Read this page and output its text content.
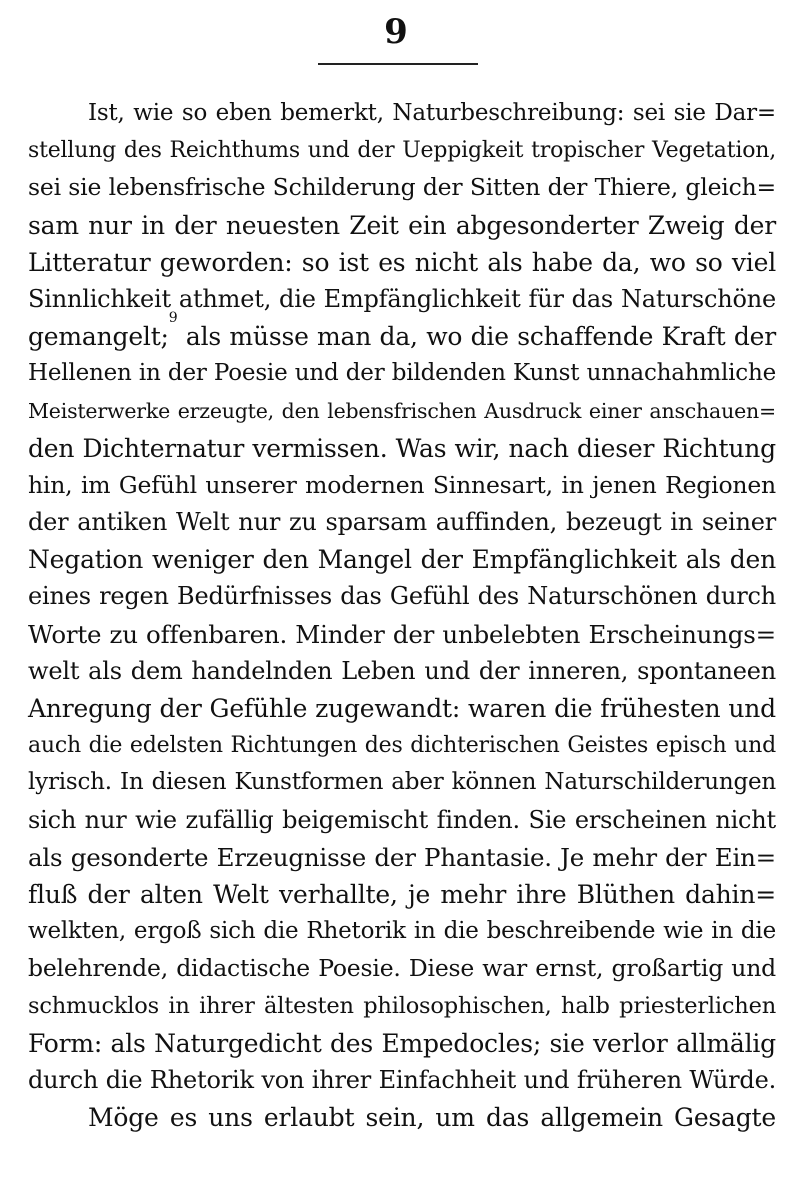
9
Ist, wie so eben bemerkt, Naturbeschreibung: sei sie Dar=
stellung des Reichthums und der Ueppigkeit tropischer Vegetation,
sei sie lebensfrische Schilderung der Sitten der Thiere, gleich=
sam nur in der neuesten Zeit ein abgesonderter Zweig der
Litteratur geworden: so ist es nicht als habe da, wo so viel
Sinnlichkeit athmet, die Empfänglichkeit für das Naturschöne
gemangelt;$^9$ als müsse man da, wo die schaffende Kraft der
Hellenen in der Poesie und der bildenden Kunst unnachahmliche
Meisterwerke erzeugte, den lebensfrischen Ausdruck einer anschauen=
den Dichternatur vermissen. Was wir, nach dieser Richtung
hin, im Gefühl unserer modernen Sinnesart, in jenen Regionen
der antiken Welt nur zu sparsam auffinden, bezeugt in seiner
Negation weniger den Mangel der Empfänglichkeit als den
eines regen Bedürfnisses das Gefühl des Naturschönen durch
Worte zu offenbaren. Minder der unbelebten Erscheinungs=
welt als dem handelnden Leben und der inneren, spontaneen
Anregung der Gefühle zugewandt: waren die frühesten und
auch die edelsten Richtungen des dichterischen Geistes episch und
lyrisch. In diesen Kunstformen aber können Naturschilderungen
sich nur wie zufällig beigemischt finden. Sie erscheinen nicht
als gesonderte Erzeugnisse der Phantasie. Je mehr der Ein=
fluß der alten Welt verhallte, je mehr ihre Blüthen dahin=
welkten, ergoß sich die Rhetorik in die beschreibende wie in die
belehrende, didactische Poesie. Diese war ernst, großartig und
schmucklos in ihrer ältesten philosophischen, halb priesterlichen
Form: als Naturgedicht des Empedocles; sie verlor allmälig
durch die Rhetorik von ihrer Einfachheit und früheren Würde.
Möge es uns erlaubt sein, um das allgemein Gesagte
